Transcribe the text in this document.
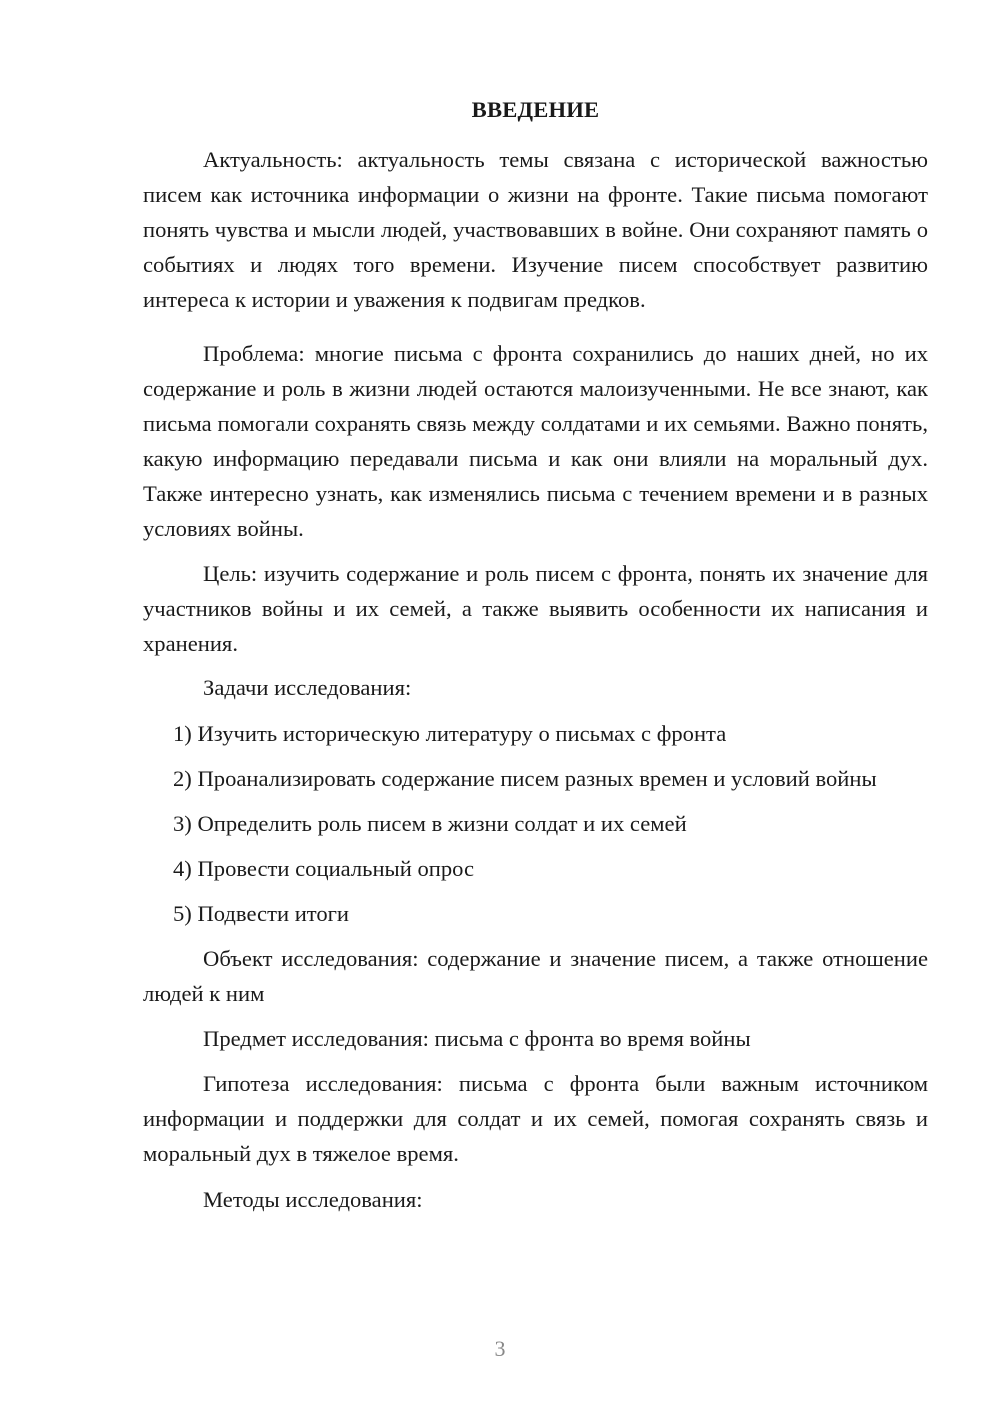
ВВЕДЕНИЕ

Актуальность: актуальность темы связана с исторической важностью писем как источника информации о жизни на фронте. Такие письма помогают понять чувства и мысли людей, участвовавших в войне. Они сохраняют память о событиях и людях того времени. Изучение писем способствует развитию интереса к истории и уважения к подвигам предков.

Проблема: многие письма с фронта сохранились до наших дней, но их содержание и роль в жизни людей остаются малоизученными. Не все знают, как письма помогали сохранять связь между солдатами и их семьями. Важно понять, какую информацию передавали письма и как они влияли на моральный дух. Также интересно узнать, как изменялись письма с течением времени и в разных условиях войны.

Цель: изучить содержание и роль писем с фронта, понять их значение для участников войны и их семей, а также выявить особенности их написания и хранения.

Задачи исследования:

1) Изучить историческую литературу о письмах с фронта

2) Проанализировать содержание писем разных времен и условий войны

3) Определить роль писем в жизни солдат и их семей

4) Провести социальный опрос

5) Подвести итоги

Объект исследования: содержание и значение писем, а также отношение людей к ним

Предмет исследования: письма с фронта во время войны

Гипотеза исследования: письма с фронта были важным источником информации и поддержки для солдат и их семей, помогая сохранять связь и моральный дух в тяжелое время.

Методы исследования:

3
